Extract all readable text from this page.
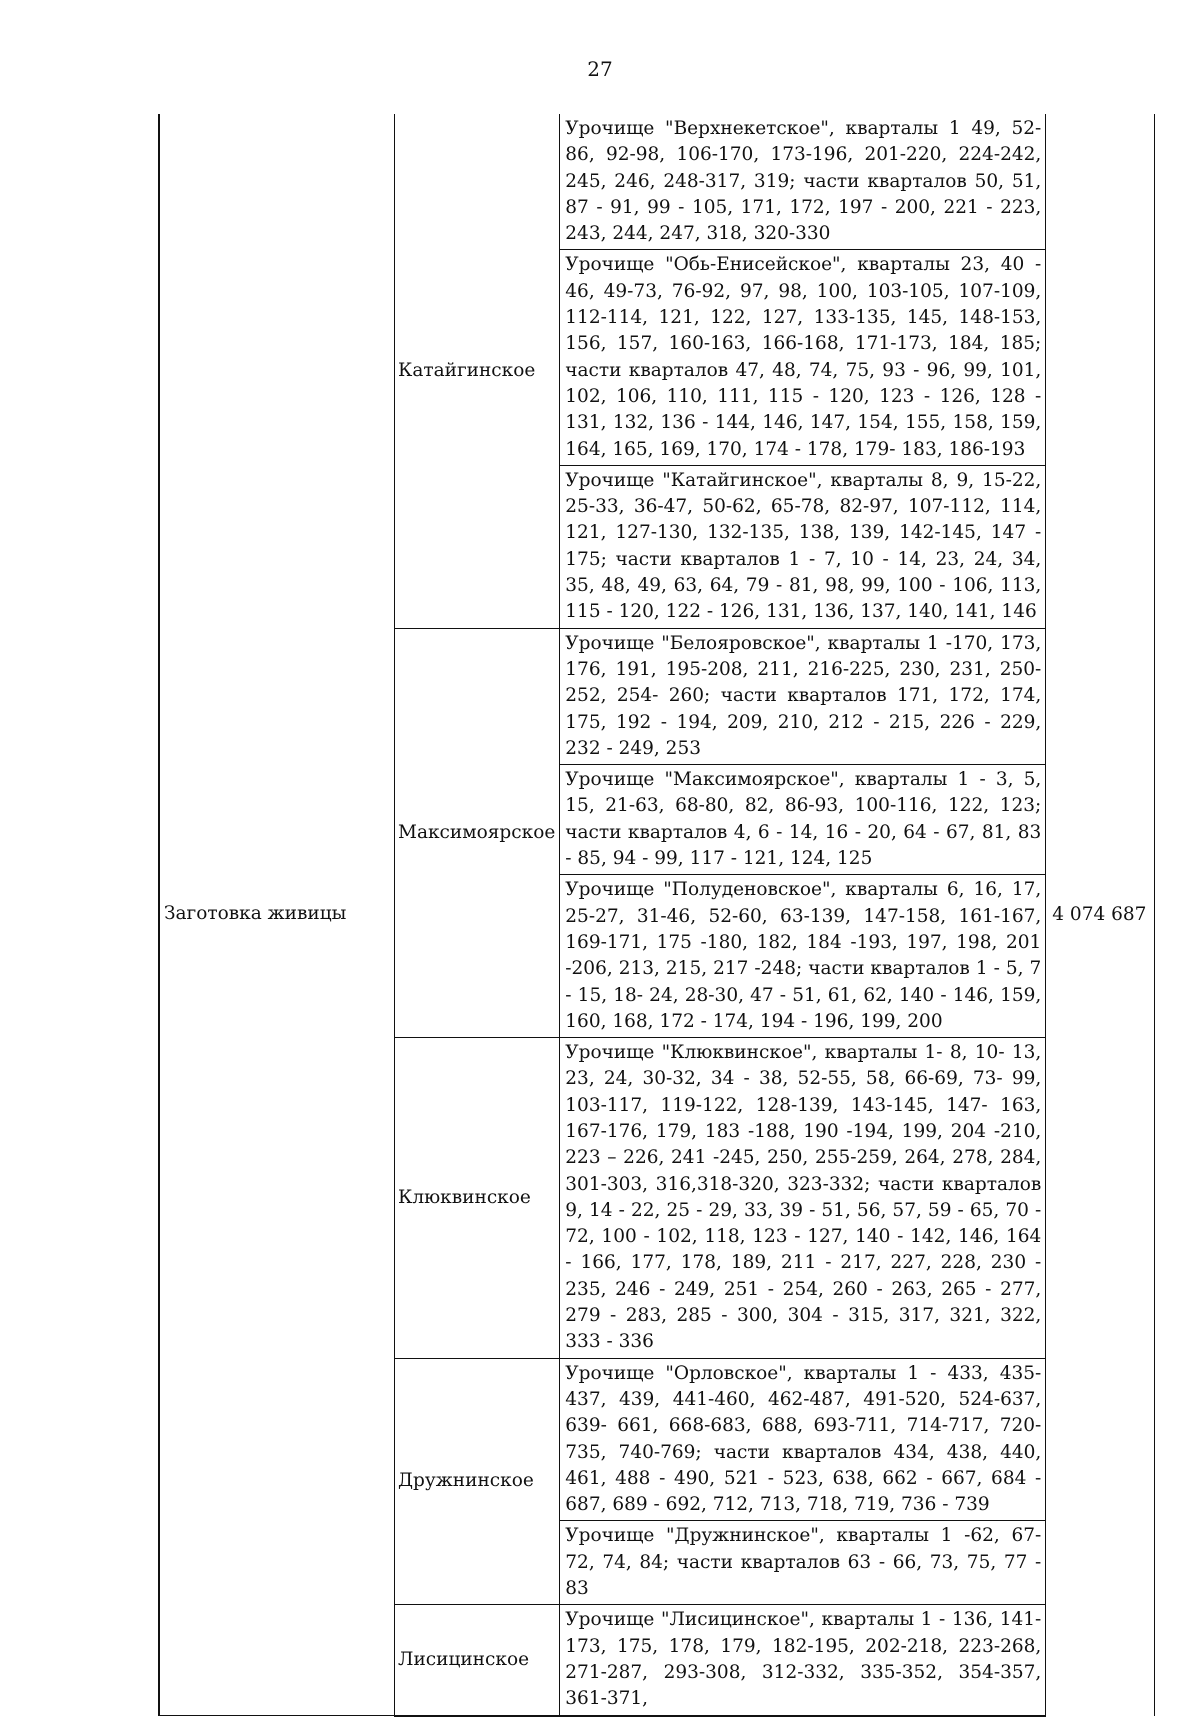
27
Заготовка живицы	Катайгинское	Урочище "Верхнекетское", кварталы 1 49, 52-86, 92-98, 106-170, 173-196, 201-220, 224-242, 245, 246, 248-317, 319; части кварталов 50, 51, 87 - 91, 99 - 105, 171, 172, 197 - 200, 221 - 223, 243, 244, 247, 318, 320-330	4 074 687
		Урочище "Обь-Енисейское", кварталы 23, 40 - 46, 49-73, 76-92, 97, 98, 100, 103-105, 107-109, 112-114, 121, 122, 127, 133-135, 145, 148-153, 156, 157, 160-163, 166-168, 171-173, 184, 185; части кварталов 47, 48, 74, 75, 93 - 96, 99, 101, 102, 106, 110, 111, 115 - 120, 123 - 126, 128 - 131, 132, 136 - 144, 146, 147, 154, 155, 158, 159, 164, 165, 169, 170, 174 - 178, 179- 183, 186-193	
		Урочище "Катайгинское", кварталы 8, 9, 15-22, 25-33, 36-47, 50-62, 65-78, 82-97, 107-112, 114, 121, 127-130, 132-135, 138, 139, 142-145, 147 - 175; части кварталов 1 - 7, 10 - 14, 23, 24, 34, 35, 48, 49, 63, 64, 79 - 81, 98, 99, 100 - 106, 113, 115 - 120, 122 - 126, 131, 136, 137, 140, 141, 146	
	Максимоярское	Урочище "Белояровское", кварталы 1 -170, 173, 176, 191, 195-208, 211, 216-225, 230, 231, 250-252, 254- 260; части кварталов 171, 172, 174, 175, 192 - 194, 209, 210, 212 - 215, 226 - 229, 232 - 249, 253	
		Урочище "Максимоярское", кварталы 1 - 3, 5, 15, 21-63, 68-80, 82, 86-93, 100-116, 122, 123; части кварталов 4, 6 - 14, 16 - 20, 64 - 67, 81, 83 - 85, 94 - 99, 117 - 121, 124, 125	
		Урочище "Полуденовское", кварталы 6, 16, 17, 25-27, 31-46, 52-60, 63-139, 147-158, 161-167, 169-171, 175 -180, 182, 184 -193, 197, 198, 201 -206, 213, 215, 217 -248; части кварталов 1 - 5, 7 - 15, 18- 24, 28-30, 47 - 51, 61, 62, 140 - 146, 159, 160, 168, 172 - 174, 194 - 196, 199, 200	
	Клюквинское	Урочище "Клюквинское", кварталы 1- 8, 10- 13, 23, 24, 30-32, 34 - 38, 52-55, 58, 66-69, 73- 99, 103-117, 119-122, 128-139, 143-145, 147- 163, 167-176, 179, 183 -188, 190 -194, 199, 204 -210, 223 – 226, 241 -245, 250, 255-259, 264, 278, 284, 301-303, 316,318-320, 323-332; части кварталов 9, 14 - 22, 25 - 29, 33, 39 - 51, 56, 57, 59 - 65, 70 - 72, 100 - 102, 118, 123 - 127, 140 - 142, 146, 164 - 166, 177, 178, 189, 211 - 217, 227, 228, 230 - 235, 246 - 249, 251 - 254, 260 - 263, 265 - 277, 279 - 283, 285 - 300, 304 - 315, 317, 321, 322, 333 - 336	
	Дружнинское	Урочище "Орловское", кварталы 1 - 433, 435-437, 439, 441-460, 462-487, 491-520, 524-637, 639- 661, 668-683, 688, 693-711, 714-717, 720-735, 740-769; части кварталов 434, 438, 440, 461, 488 - 490, 521 - 523, 638, 662 - 667, 684 - 687, 689 - 692, 712, 713, 718, 719, 736 - 739	
		Урочище "Дружнинское", кварталы 1 -62, 67-72, 74, 84; части кварталов 63 - 66, 73, 75, 77 - 83	
	Лисицинское	Урочище "Лисицинское", кварталы 1 - 136, 141-173, 175, 178, 179, 182-195, 202-218, 223-268, 271-287, 293-308, 312-332, 335-352, 354-357, 361-371,	
